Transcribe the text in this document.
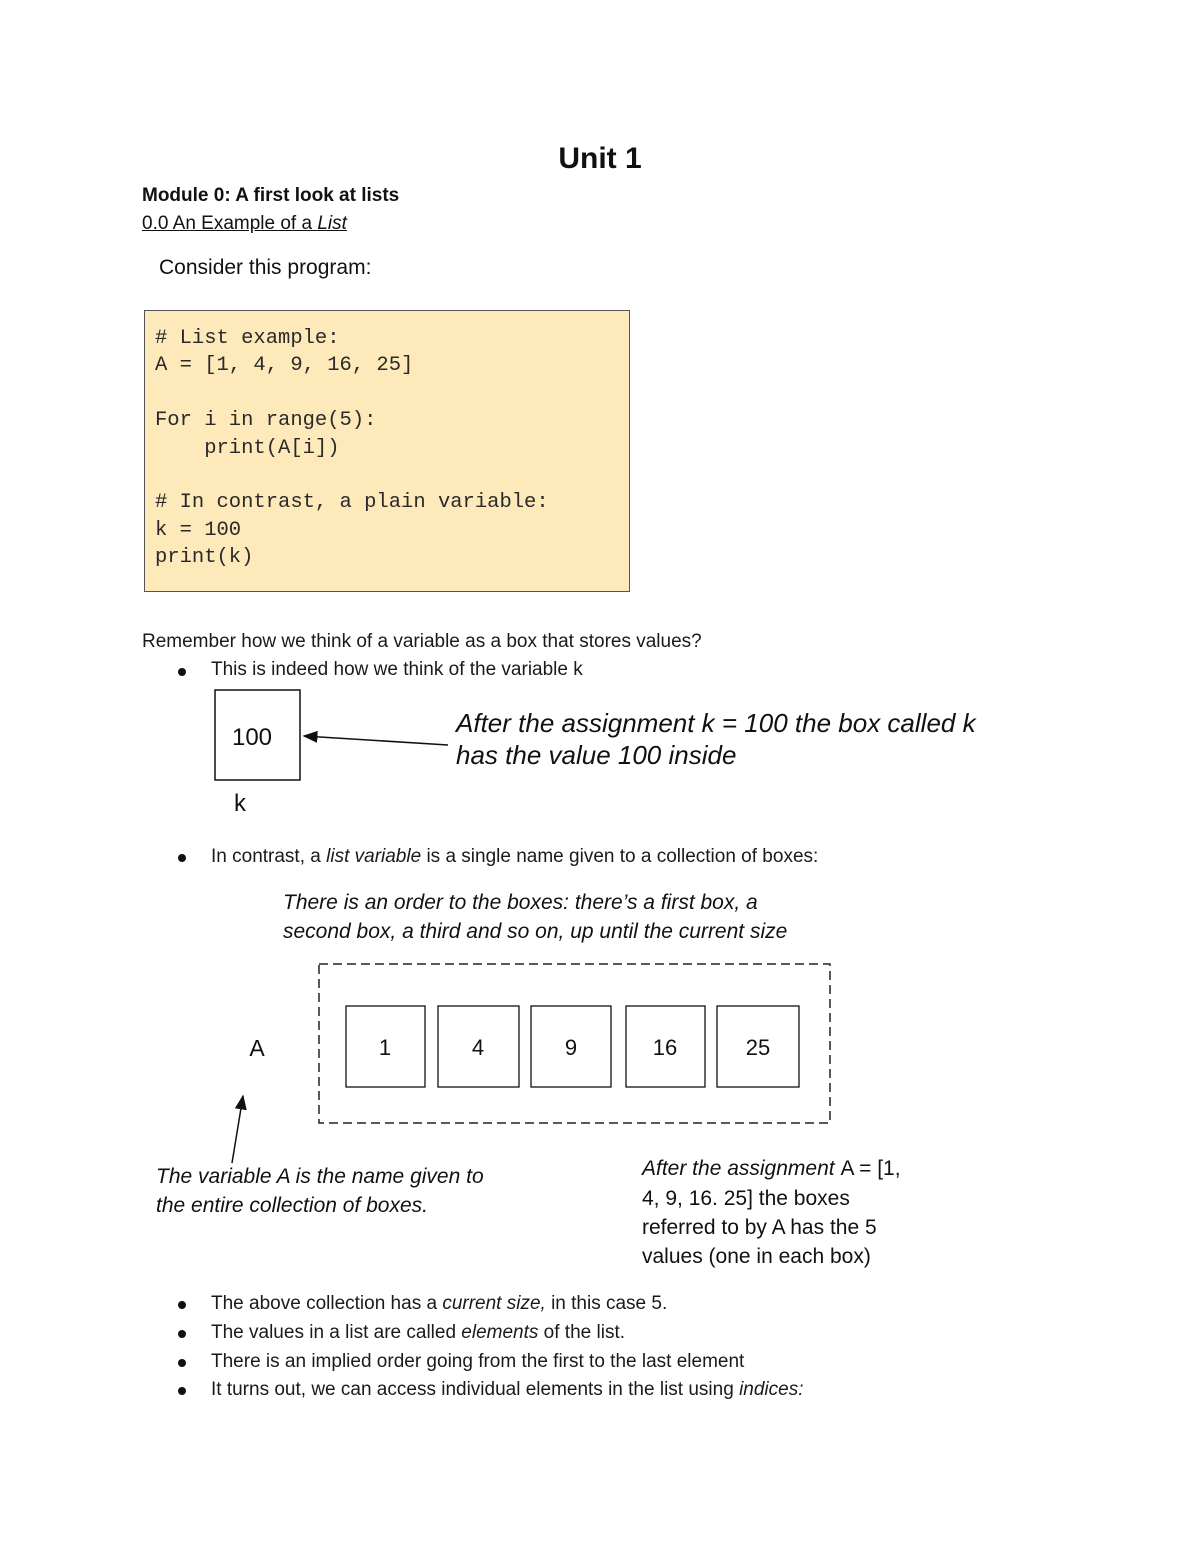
Unit 1
Module 0: A first look at lists
0.0 An Example of a List
Consider this program:
# List example:
A = [1, 4, 9, 16, 25]

For i in range(5):
print(A[i])

# In contrast, a plain variable:
k = 100
print(k)
Remember how we think of a variable as a box that stores values?
This is indeed how we think of the variable k
100
k
After the assignment k = 100 the box called k
has the value 100 inside
In contrast, a list variable is a single name given to a collection of boxes:
There is an order to the boxes: there’s a first box, a
second box, a third and so on, up until the current size
A	1	4	9	16	25
The variable A is the name given to
the entire collection of boxes.
After the assignment A = [1,
4, 9, 16. 25] the boxes
referred to by A has the 5
values (one in each box)
The above collection has a current size, in this case 5.
The values in a list are called elements of the list.
There is an implied order going from the first to the last element
It turns out, we can access individual elements in the list using indices:
